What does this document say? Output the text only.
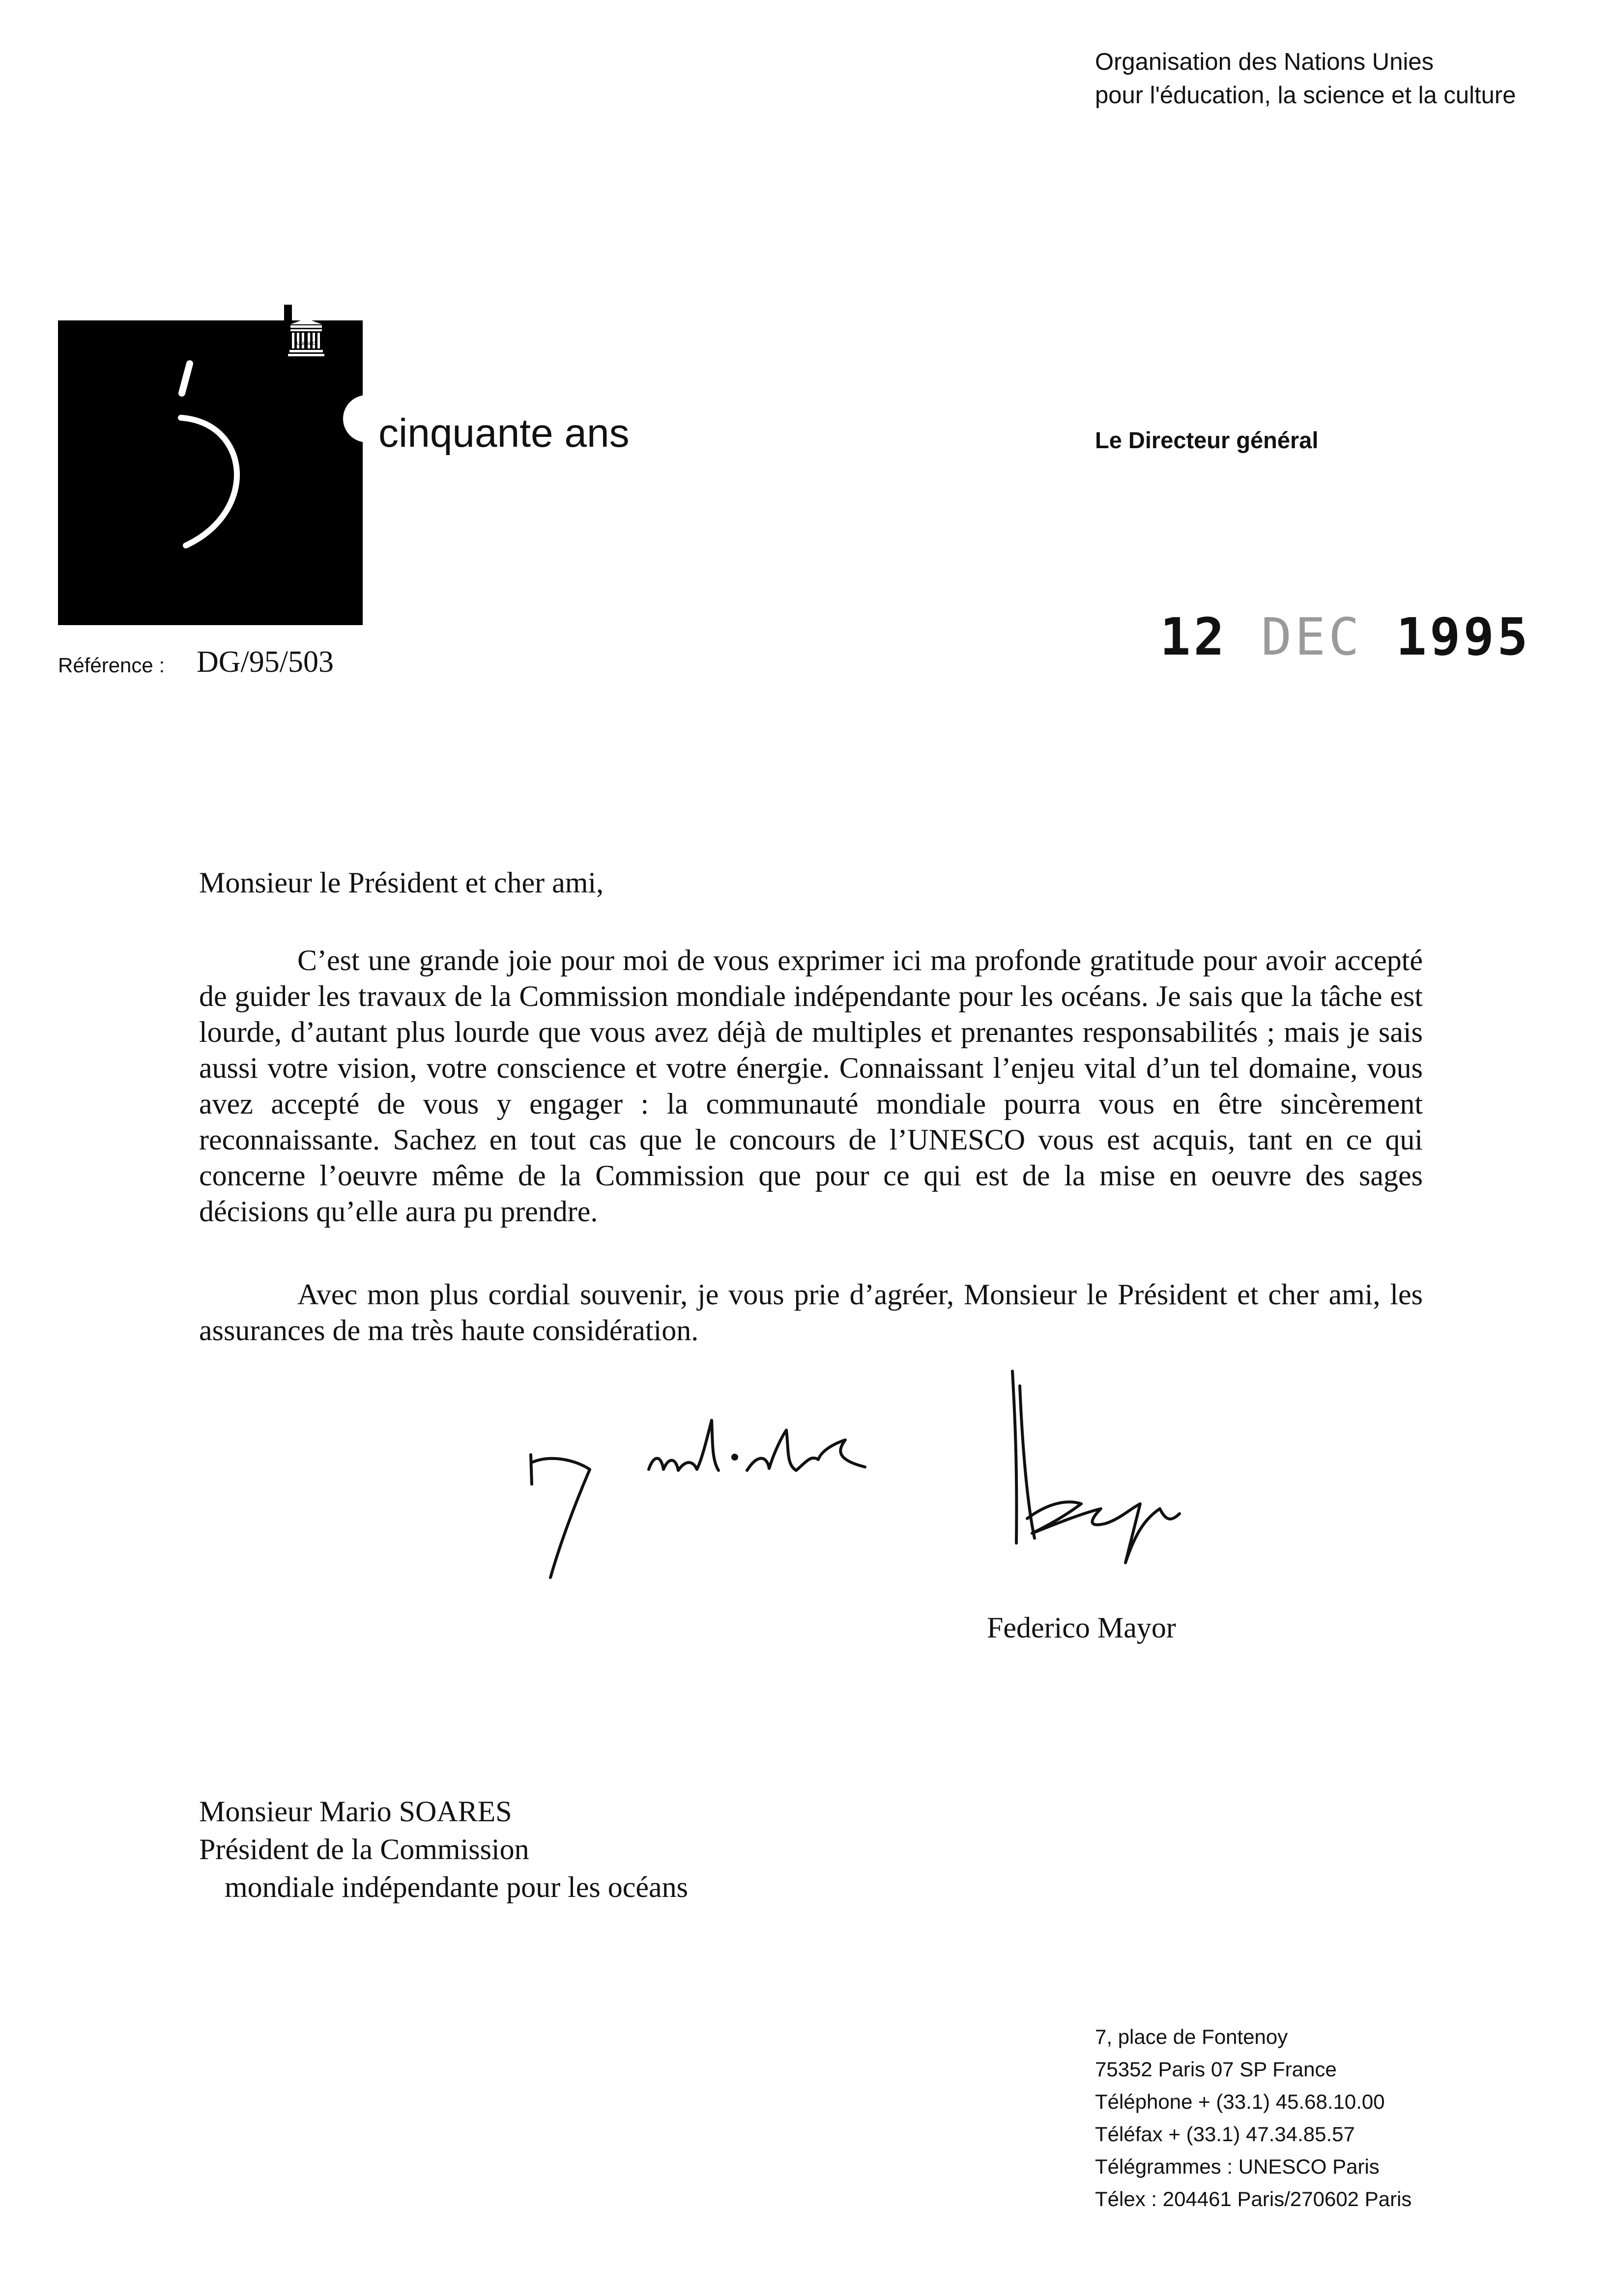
Organisation des Nations Unies
pour l'éducation, la science et la culture
UNESCO
cinquante ans	Le Directeur général
Référence : DG/95/503	12 DEC 1995
Monsieur le Président et cher ami,
C’est une grande joie pour moi de vous exprimer ici ma profonde gratitude pour avoir accepté de guider les travaux de la Commission mondiale indépendante pour les océans. Je sais que la tâche est lourde, d’autant plus lourde que vous avez déjà de multiples et prenantes responsabilités ; mais je sais aussi votre vision, votre conscience et votre énergie. Connaissant l’enjeu vital d’un tel domaine, vous avez accepté de vous y engager : la communauté mondiale pourra vous en être sincèrement reconnaissante. Sachez en tout cas que le concours de l’UNESCO vous est acquis, tant en ce qui concerne l’oeuvre même de la Commission que pour ce qui est de la mise en oeuvre des sages décisions qu’elle aura pu prendre.
Avec mon plus cordial souvenir, je vous prie d’agréer, Monsieur le Président et cher ami, les assurances de ma très haute considération.
Federico Mayor
Monsieur Mario SOARES
Président de la Commission
mondiale indépendante pour les océans
7, place de Fontenoy
75352 Paris 07 SP France
Téléphone + (33.1) 45.68.10.00
Téléfax + (33.1) 47.34.85.57
Télégrammes : UNESCO Paris
Télex : 204461 Paris/270602 Paris
